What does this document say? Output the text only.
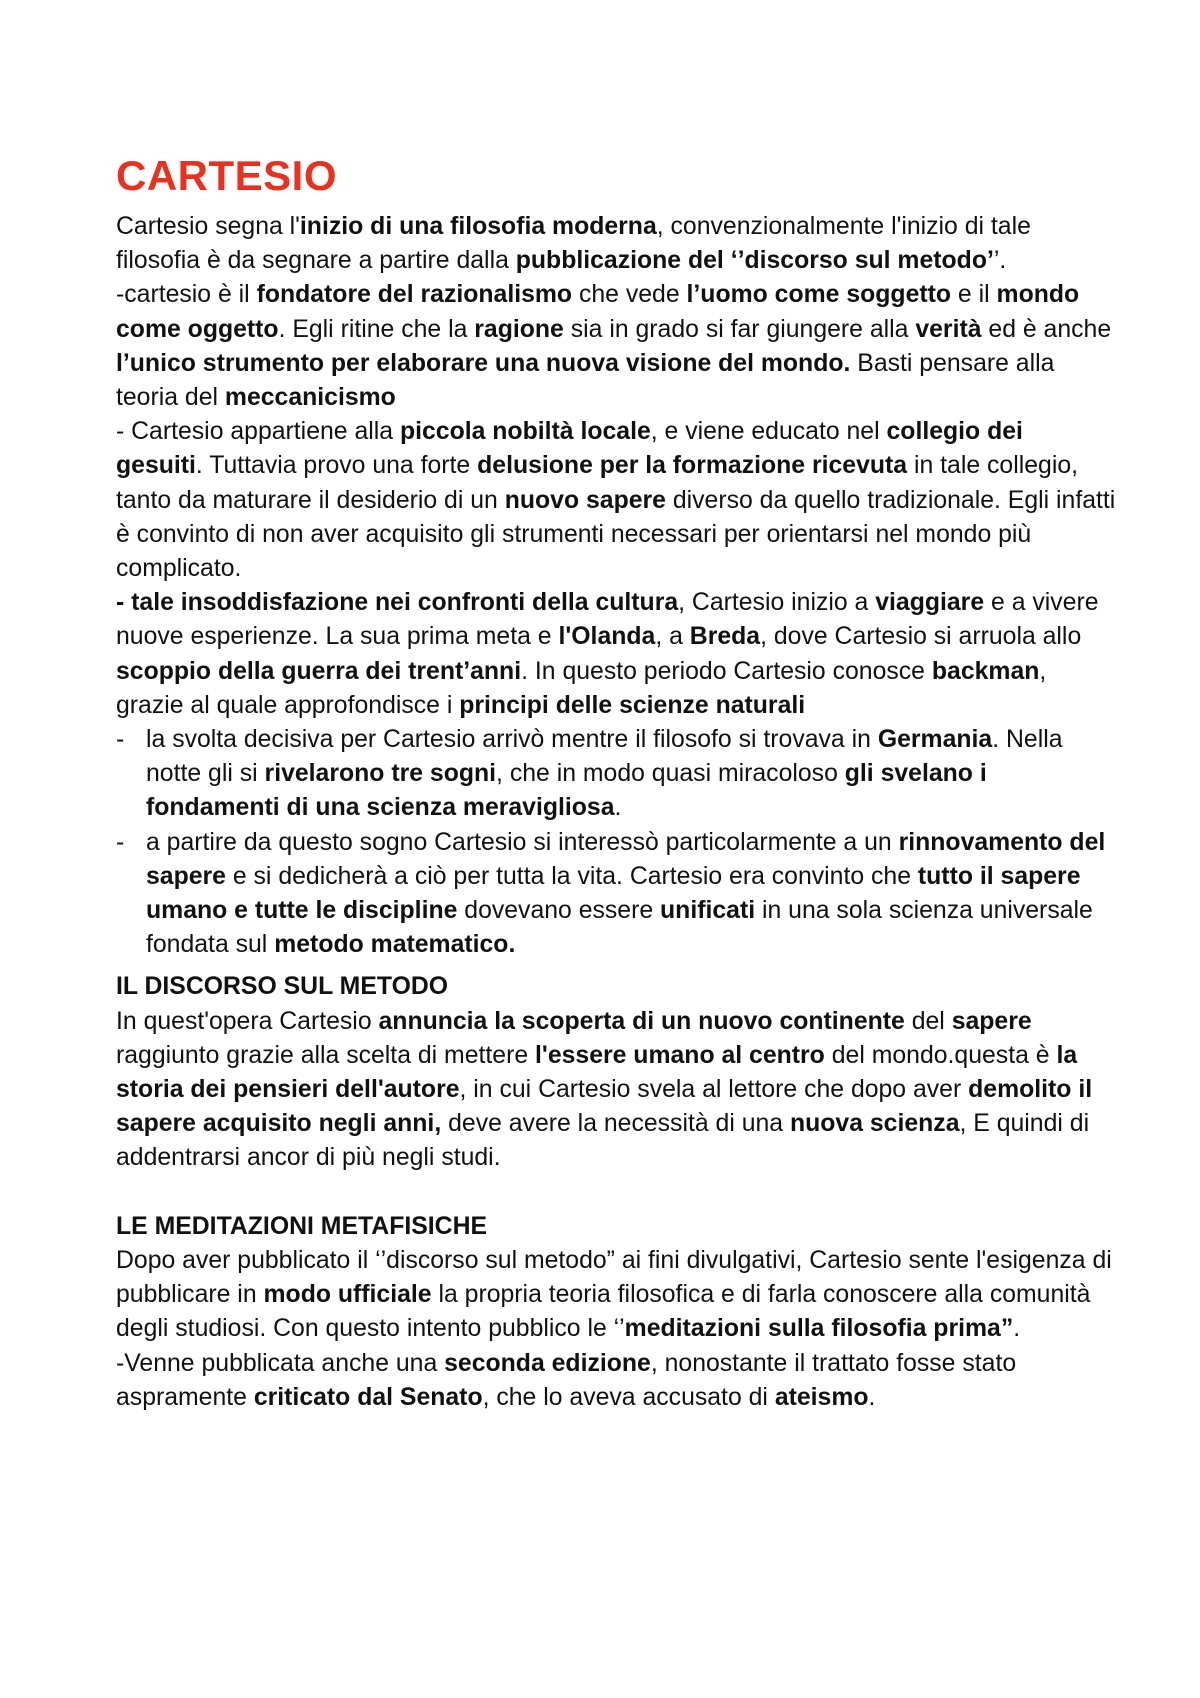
CARTESIO

Cartesio segna l'inizio di una filosofia moderna, convenzionalmente l'inizio di tale filosofia è da segnare a partire dalla pubblicazione del ‘’discorso sul metodo’’.

-cartesio è il fondatore del razionalismo che vede l’uomo come soggetto e il mondo come oggetto. Egli ritine che la ragione sia in grado si far giungere alla verità ed è anche l’unico strumento per elaborare una nuova visione del mondo. Basti pensare alla teoria del meccanicismo

- Cartesio appartiene alla piccola nobiltà locale, e viene educato nel collegio dei gesuiti. Tuttavia provo una forte delusione per la formazione ricevuta in tale collegio, tanto da maturare il desiderio di un nuovo sapere diverso da quello tradizionale. Egli infatti è convinto di non aver acquisito gli strumenti necessari per orientarsi nel mondo più complicato.

- tale insoddisfazione nei confronti della cultura, Cartesio inizio a viaggiare e a vivere nuove esperienze. La sua prima meta e l'Olanda, a Breda, dove Cartesio si arruola allo scoppio della guerra dei trent’anni. In questo periodo Cartesio conosce backman, grazie al quale approfondisce i principi delle scienze naturali

- la svolta decisiva per Cartesio arrivò mentre il filosofo si trovava in Germania. Nella notte gli si rivelarono tre sogni, che in modo quasi miracoloso gli svelano i fondamenti di una scienza meravigliosa.
- a partire da questo sogno Cartesio si interessò particolarmente a un rinnovamento del sapere e si dedicherà a ciò per tutta la vita. Cartesio era convinto che tutto il sapere umano e tutte le discipline dovevano essere unificati in una sola scienza universale fondata sul metodo matematico.
IL DISCORSO SUL METODO

In quest'opera Cartesio annuncia la scoperta di un nuovo continente del sapere raggiunto grazie alla scelta di mettere l'essere umano al centro del mondo.questa è la storia dei pensieri dell'autore, in cui Cartesio svela al lettore che dopo aver demolito il sapere acquisito negli anni, deve avere la necessità di una nuova scienza, E quindi di addentrarsi ancor di più negli studi.

LE MEDITAZIONI METAFISICHE

Dopo aver pubblicato il ‘’discorso sul metodo” ai fini divulgativi, Cartesio sente l'esigenza di pubblicare in modo ufficiale la propria teoria filosofica e di farla conoscere alla comunità degli studiosi. Con questo intento pubblico le ‘’meditazioni sulla filosofia prima”.

-Venne pubblicata anche una seconda edizione, nonostante il trattato fosse stato aspramente criticato dal Senato, che lo aveva accusato di ateismo.
